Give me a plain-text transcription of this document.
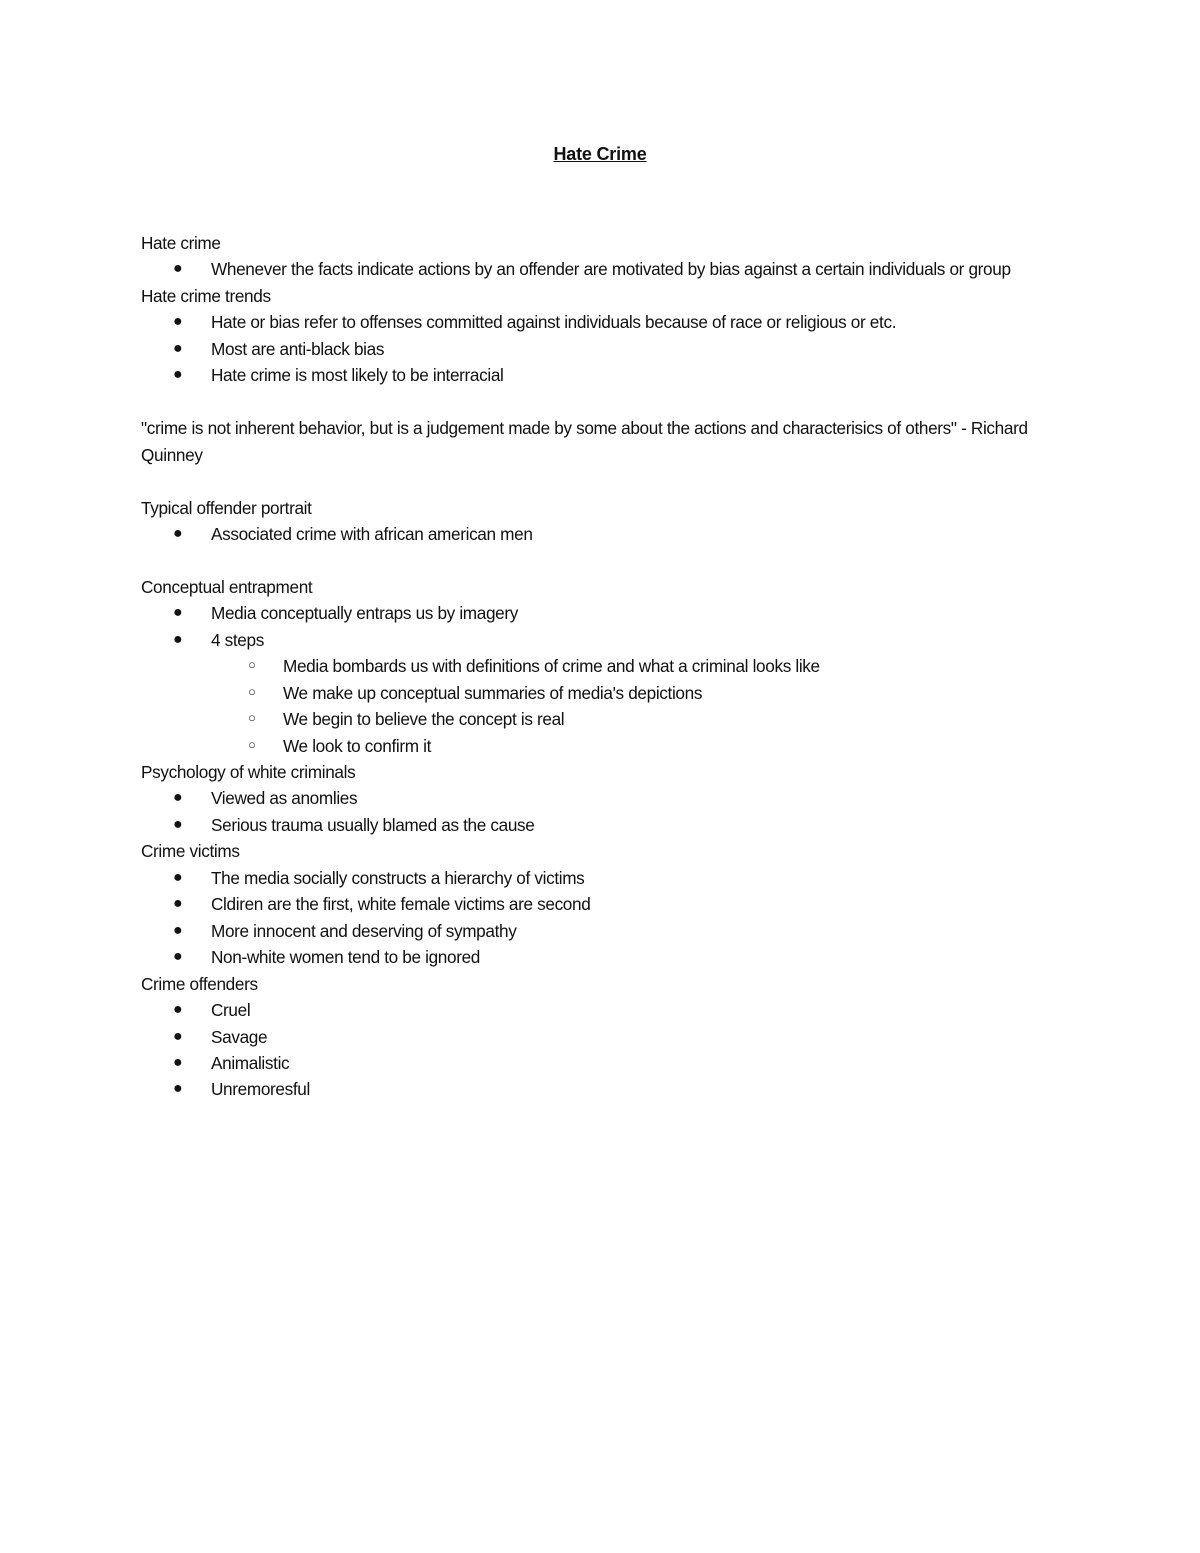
Hate Crime
Hate crime
● Whenever the facts indicate actions by an offender are motivated by bias against a certain individuals or group
Hate crime trends
● Hate or bias refer to offenses committed against individuals because of race or religious or etc.
● Most are anti-black bias
● Hate crime is most likely to be interracial
"crime is not inherent behavior, but is a judgement made by some about the actions and characterisics of others" - Richard Quinney
Typical offender portrait
● Associated crime with african american men
Conceptual entrapment
● Media conceptually entraps us by imagery
● 4 steps
○ Media bombards us with definitions of crime and what a criminal looks like
○ We make up conceptual summaries of media's depictions
○ We begin to believe the concept is real
○ We look to confirm it
Psychology of white criminals
● Viewed as anomlies
● Serious trauma usually blamed as the cause
Crime victims
● The media socially constructs a hierarchy of victims
● Cldiren are the first, white female victims are second
● More innocent and deserving of sympathy
● Non-white women tend to be ignored
Crime offenders
● Cruel
● Savage
● Animalistic
● Unremoresful
